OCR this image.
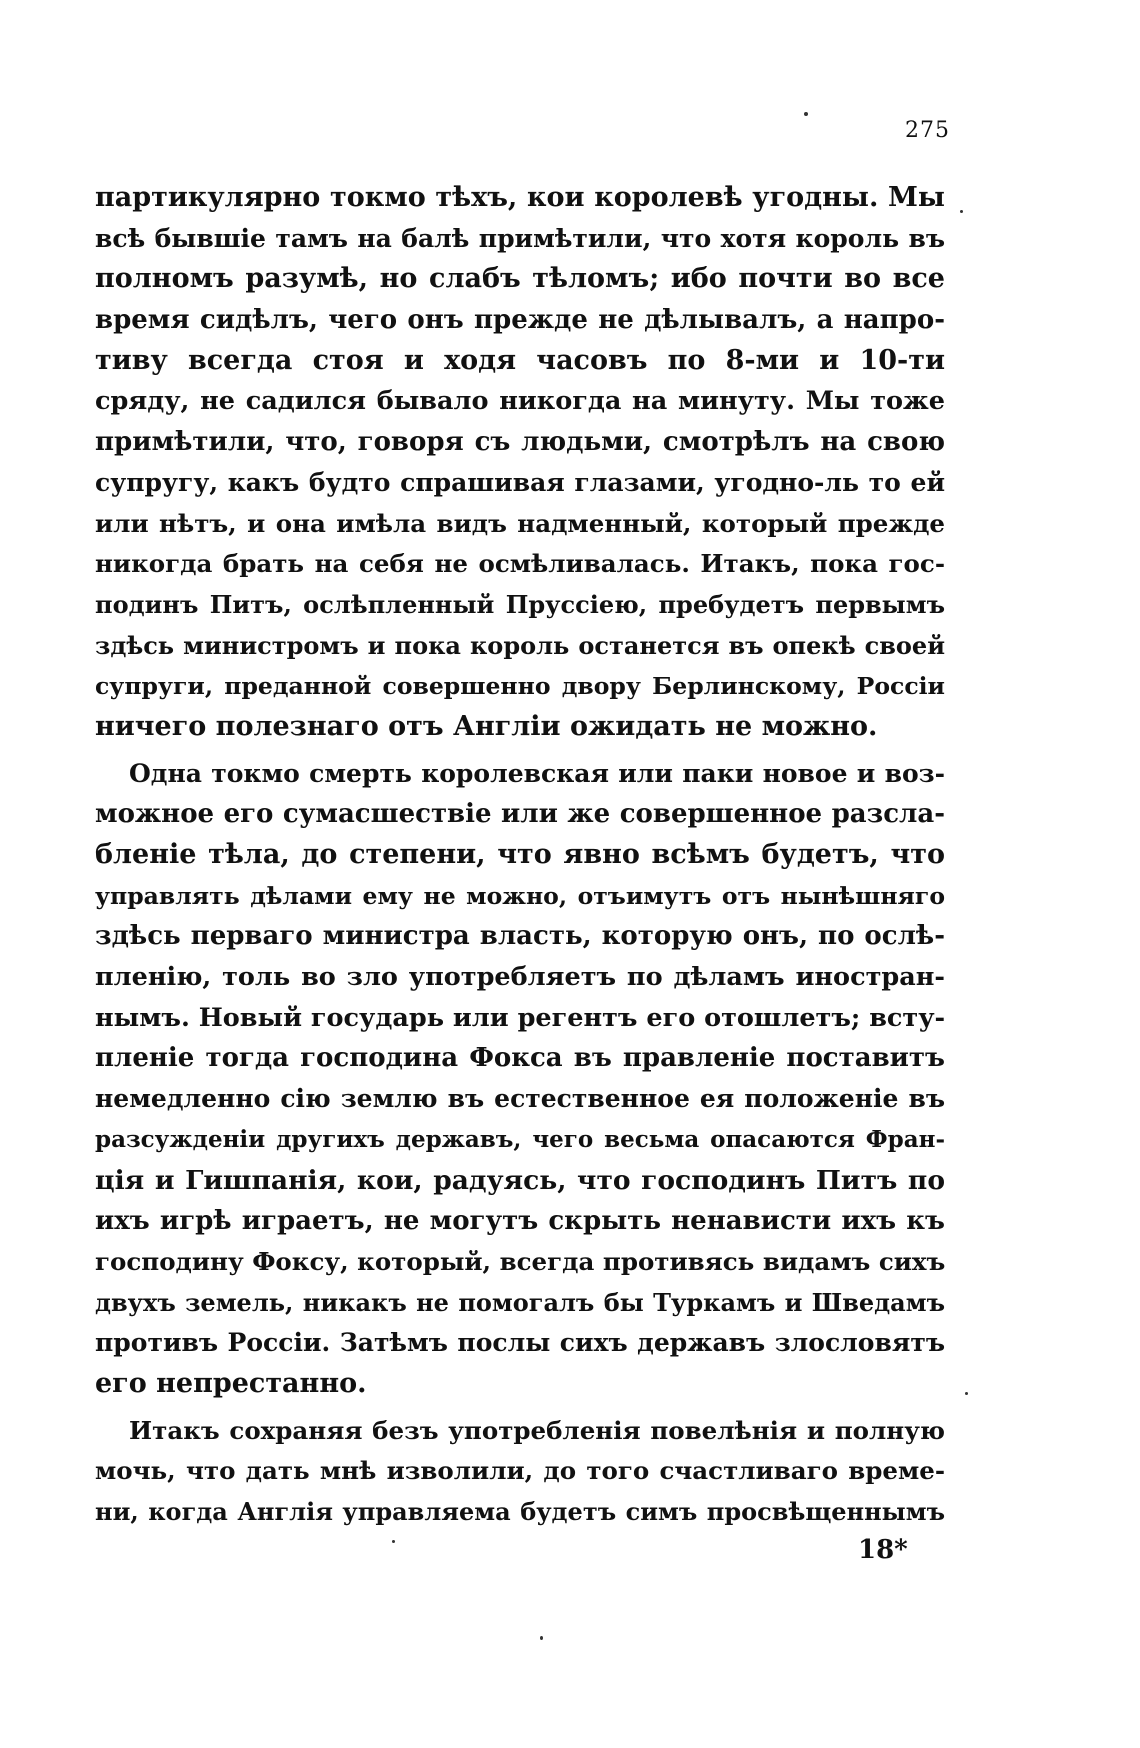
275
партикулярно токмо тѣхъ, кои королевѣ угодны. Мы
всѣ бывшіе тамъ на балѣ примѣтили, что хотя король въ
полномъ разумѣ, но слабъ тѣломъ; ибо почти во все
время сидѣлъ, чего онъ прежде не дѣлывалъ, а напро-
тиву всегда стоя и ходя часовъ по 8-ми и 10-ти
сряду, не садился бывало никогда на минуту. Мы тоже
примѣтили, что, говоря съ людьми, смотрѣлъ на свою
супругу, какъ будто спрашивая глазами, угодно-ль то ей
или нѣтъ, и она имѣла видъ надменный, который прежде
никогда брать на себя не осмѣливалась. Итакъ, пока гос-
подинъ Питъ, ослѣпленный Пруссіею, пребудетъ первымъ
здѣсь министромъ и пока король останется въ опекѣ своей
супруги, преданной совершенно двору Берлинскому, Россіи
ничего полезнаго отъ Англіи ожидать не можно.
Одна токмо смерть королевская или паки новое и воз-
можное его сумасшествіе или же совершенное разсла-
бленіе тѣла, до степени, что явно всѣмъ будетъ, что
управлять дѣлами ему не можно, отъимутъ отъ нынѣшняго
здѣсь перваго министра власть, которую онъ, по ослѣ-
пленію, толь во зло употребляетъ по дѣламъ иностран-
нымъ. Новый государь или регентъ его отошлетъ; всту-
пленіе тогда господина Фокса въ правленіе поставитъ
немедленно сію землю въ естественное ея положеніе въ
разсужденіи другихъ державъ, чего весьма опасаются Фран-
ція и Гишпанія, кои, радуясь, что господинъ Питъ по
ихъ игрѣ играетъ, не могутъ скрыть ненависти ихъ къ
господину Фоксу, который, всегда противясь видамъ сихъ
двухъ земель, никакъ не помогалъ бы Туркамъ и Шведамъ
противъ Россіи. Затѣмъ послы сихъ державъ злословятъ
его непрестанно.
Итакъ сохраняя безъ употребленія повелѣнія и полную
мочь, что дать мнѣ изволили, до того счастливаго време-
ни, когда Англія управляема будетъ симъ просвѣщеннымъ
18*
